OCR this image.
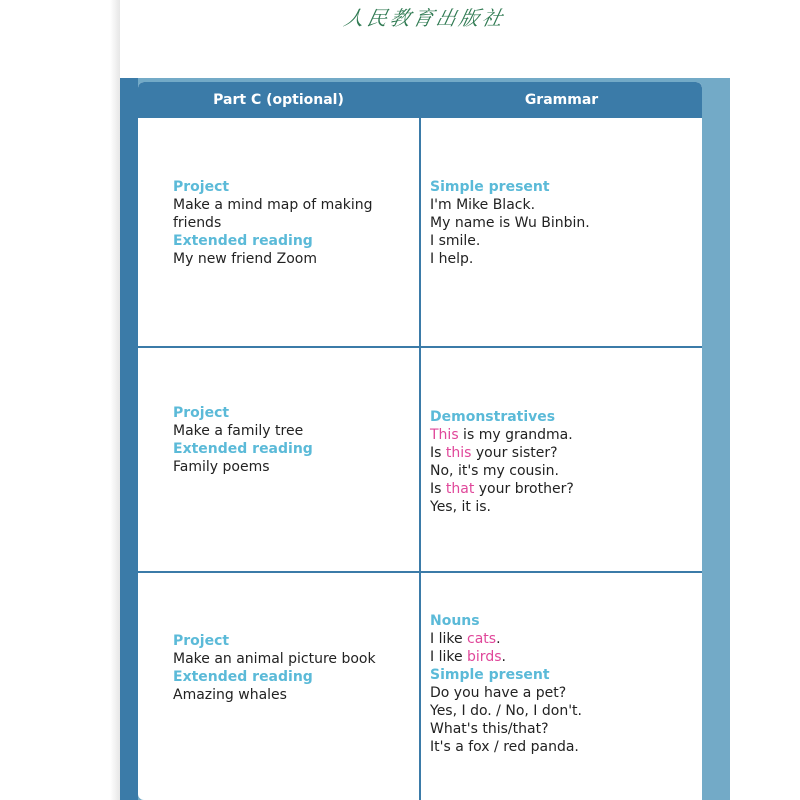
人民教育出版社
Part C (optional)	Grammar
Project
Make a mind map of making friends
Extended reading
My new friend Zoom
Simple present
I'm Mike Black.
My name is Wu Binbin.
I smile.
I help.
Project
Make a family tree
Extended reading
Family poems
Demonstratives
This is my grandma.
Is this your sister?
No, it's my cousin.
Is that your brother?
Yes, it is.
Project
Make an animal picture book
Extended reading
Amazing whales
Nouns
I like cats.
I like birds.
Simple present
Do you have a pet?
Yes, I do. / No, I don't.
What's this/that?
It's a fox / red panda.
